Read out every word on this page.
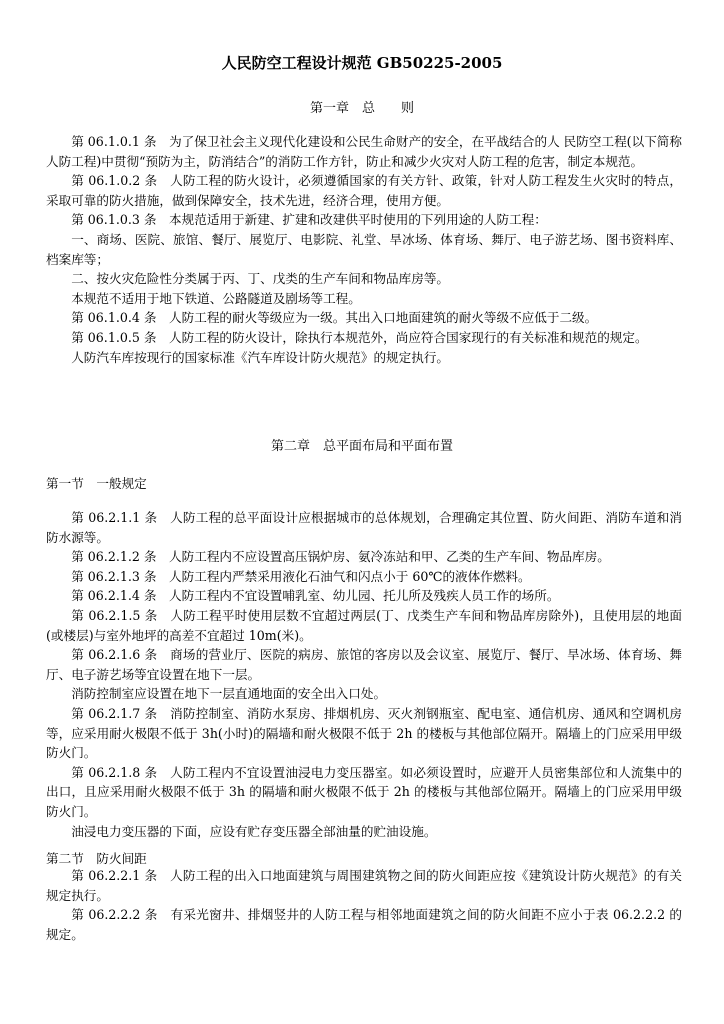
人民防空工程设计规范 GB50225-2005
第一章　总　　则

第 06.1.0.1 条　为了保卫社会主义现代化建设和公民生命财产的安全，在平战结合的人 民防空工程(以下简称人防工程)中贯彻“预防为主，防消结合”的消防工作方针，防止和减少火灾对人防工程的危害，制定本规范。

第 06.1.0.2 条　人防工程的防火设计，必须遵循国家的有关方针、政策，针对人防工程发生火灾时的特点，采取可靠的防火措施，做到保障安全，技术先进，经济合理，使用方便。

第 06.1.0.3 条　本规范适用于新建、扩建和改建供平时使用的下列用途的人防工程：

一、商场、医院、旅馆、餐厅、展览厅、电影院、礼堂、旱冰场、体育场、舞厅、电子游艺场、图书资料库、档案库等；

二、按火灾危险性分类属于丙、丁、戊类的生产车间和物品库房等。

本规范不适用于地下铁道、公路隧道及剧场等工程。

第 06.1.0.4 条　人防工程的耐火等级应为一级。其出入口地面建筑的耐火等级不应低于二级。

第 06.1.0.5 条　人防工程的防火设计，除执行本规范外，尚应符合国家现行的有关标准和规范的规定。

人防汽车库按现行的国家标准《汽车库设计防火规范》的规定执行。

第二章　总平面布局和平面布置
第一节　一般规定

第 06.2.1.1 条　人防工程的总平面设计应根据城市的总体规划，合理确定其位置、防火间距、消防车道和消防水源等。

第 06.2.1.2 条　人防工程内不应设置高压锅炉房、氨冷冻站和甲、乙类的生产车间、物品库房。

第 06.2.1.3 条　人防工程内严禁采用液化石油气和闪点小于 60℃的液体作燃料。

第 06.2.1.4 条　人防工程内不宜设置哺乳室、幼儿园、托儿所及残疾人员工作的场所。

第 06.2.1.5 条　人防工程平时使用层数不宜超过两层(丁、戊类生产车间和物品库房除外)，且使用层的地面(或楼层)与室外地坪的高差不宜超过 10m(米)。

第 06.2.1.6 条　商场的营业厅、医院的病房、旅馆的客房以及会议室、展览厅、餐厅、旱冰场、体育场、舞厅、电子游艺场等宜设置在地下一层。

消防控制室应设置在地下一层直通地面的安全出入口处。

第 06.2.1.7 条　消防控制室、消防水泵房、排烟机房、灭火剂钢瓶室、配电室、通信机房、通风和空调机房等，应采用耐火极限不低于 3h(小时)的隔墙和耐火极限不低于 2h 的楼板与其他部位隔开。隔墙上的门应采用甲级防火门。

第 06.2.1.8 条　人防工程内不宜设置油浸电力变压器室。如必须设置时，应避开人员密集部位和人流集中的出口，且应采用耐火极限不低于 3h 的隔墙和耐火极限不低于 2h 的楼板与其他部位隔开。隔墙上的门应采用甲级防火门。

油浸电力变压器的下面，应设有贮存变压器全部油量的贮油设施。

第二节　防火间距

第 06.2.2.1 条　人防工程的出入口地面建筑与周围建筑物之间的防火间距应按《建筑设计防火规范》的有关规定执行。

第 06.2.2.2 条　有采光窗井、排烟竖井的人防工程与相邻地面建筑之间的防火间距不应小于表 06.2.2.2 的规定。
